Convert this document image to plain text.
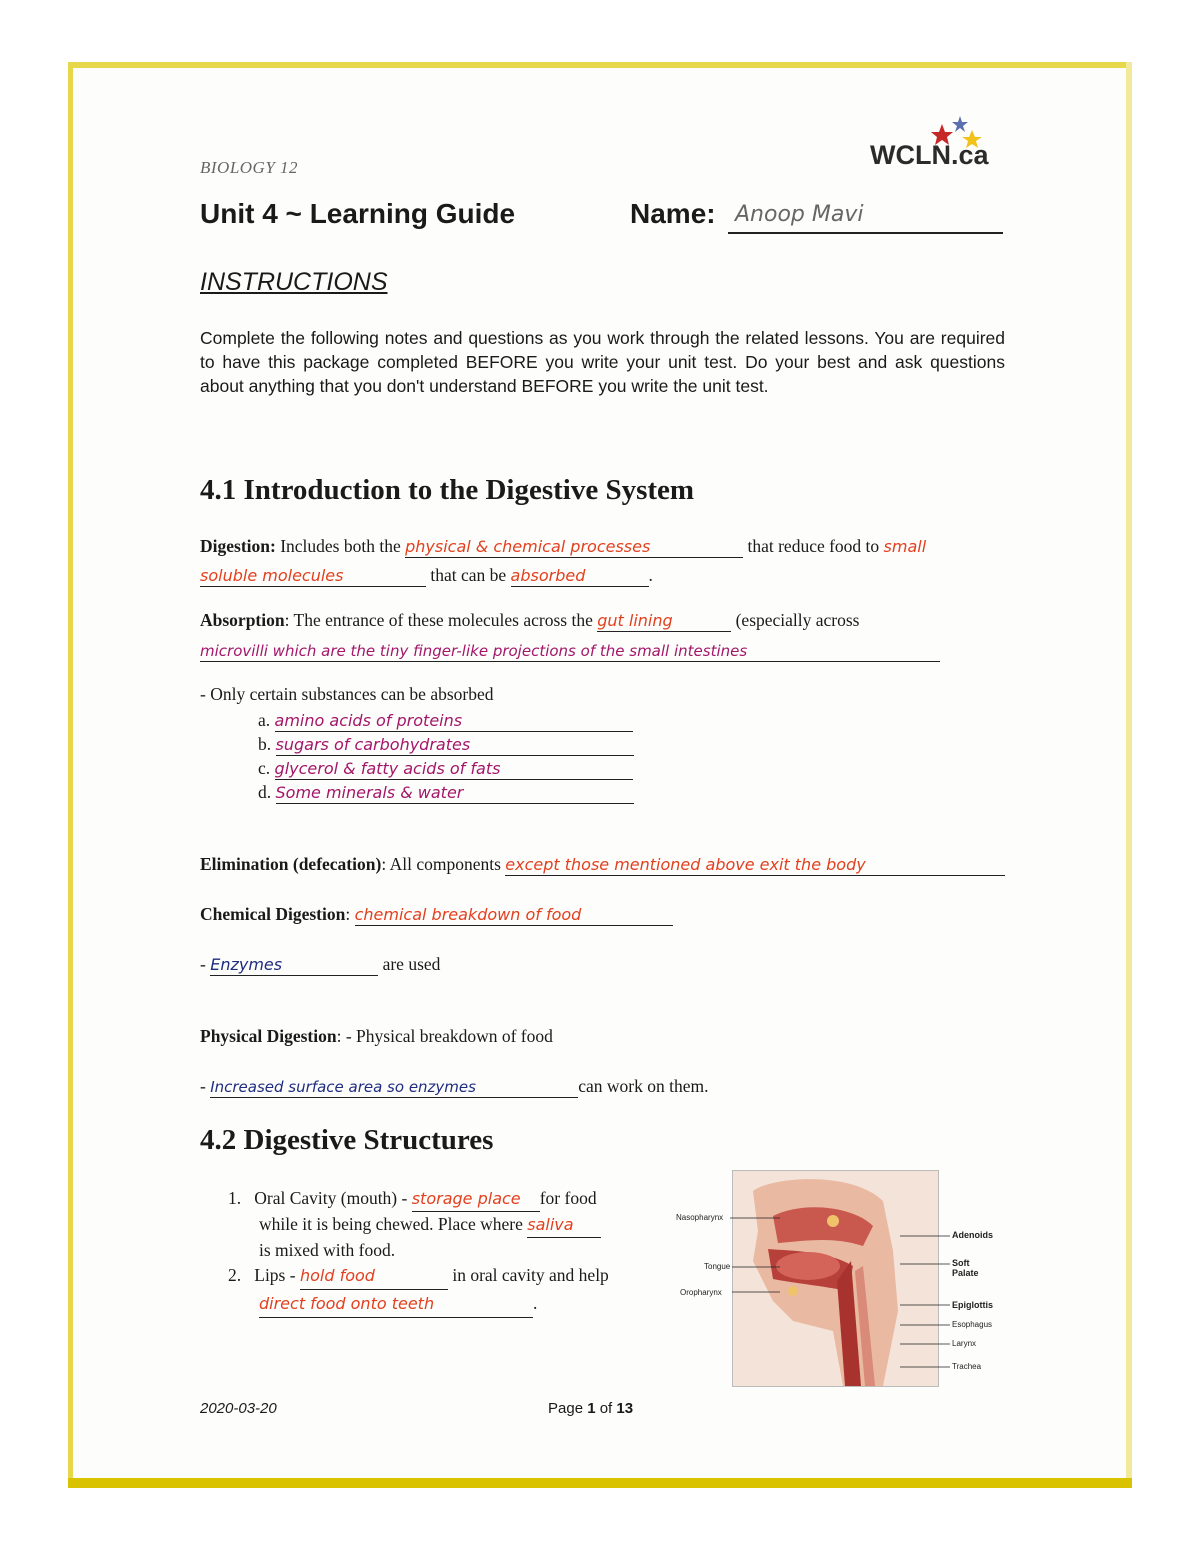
BIOLOGY 12	WCLN.ca
Unit 4 ~ Learning Guide	Name: Anoop Mavi
INSTRUCTIONS
Complete the following notes and questions as you work through the related lessons. You are required to have this package completed BEFORE you write your unit test. Do your best and ask questions about anything that you don't understand BEFORE you write the unit test.
4.1 Introduction to the Digestive System
Digestion: Includes both the physical & chemical processes	that reduce food to small
soluble molecules	that can be absorbed	.
Absorption: The entrance of these molecules across the gut lining	(especially across
microvilli which are the tiny finger-like projections of the small intestines
- Only certain substances can be absorbed
a. amino acids of proteins
b. sugars of carbohydrates
c. glycerol & fatty acids of fats
d. Some minerals & water
Elimination (defecation): All components except those mentioned above exit the body
Chemical Digestion: chemical breakdown of food
- Enzymes	are used
Physical Digestion: - Physical breakdown of food
- Increased surface area so enzymes	can work on them.
4.2 Digestive Structures
1. Oral Cavity (mouth) - storage place for food
while it is being chewed. Place where saliva
is mixed with food.
2. Lips - hold food	in oral cavity and help
direct food onto teeth	.
Nasopharynx
Tongue
Oropharynx
Adenoids
Soft Palate
Epiglottis
Esophagus
Larynx
Trachea
2020-03-20	Page 1 of 13
